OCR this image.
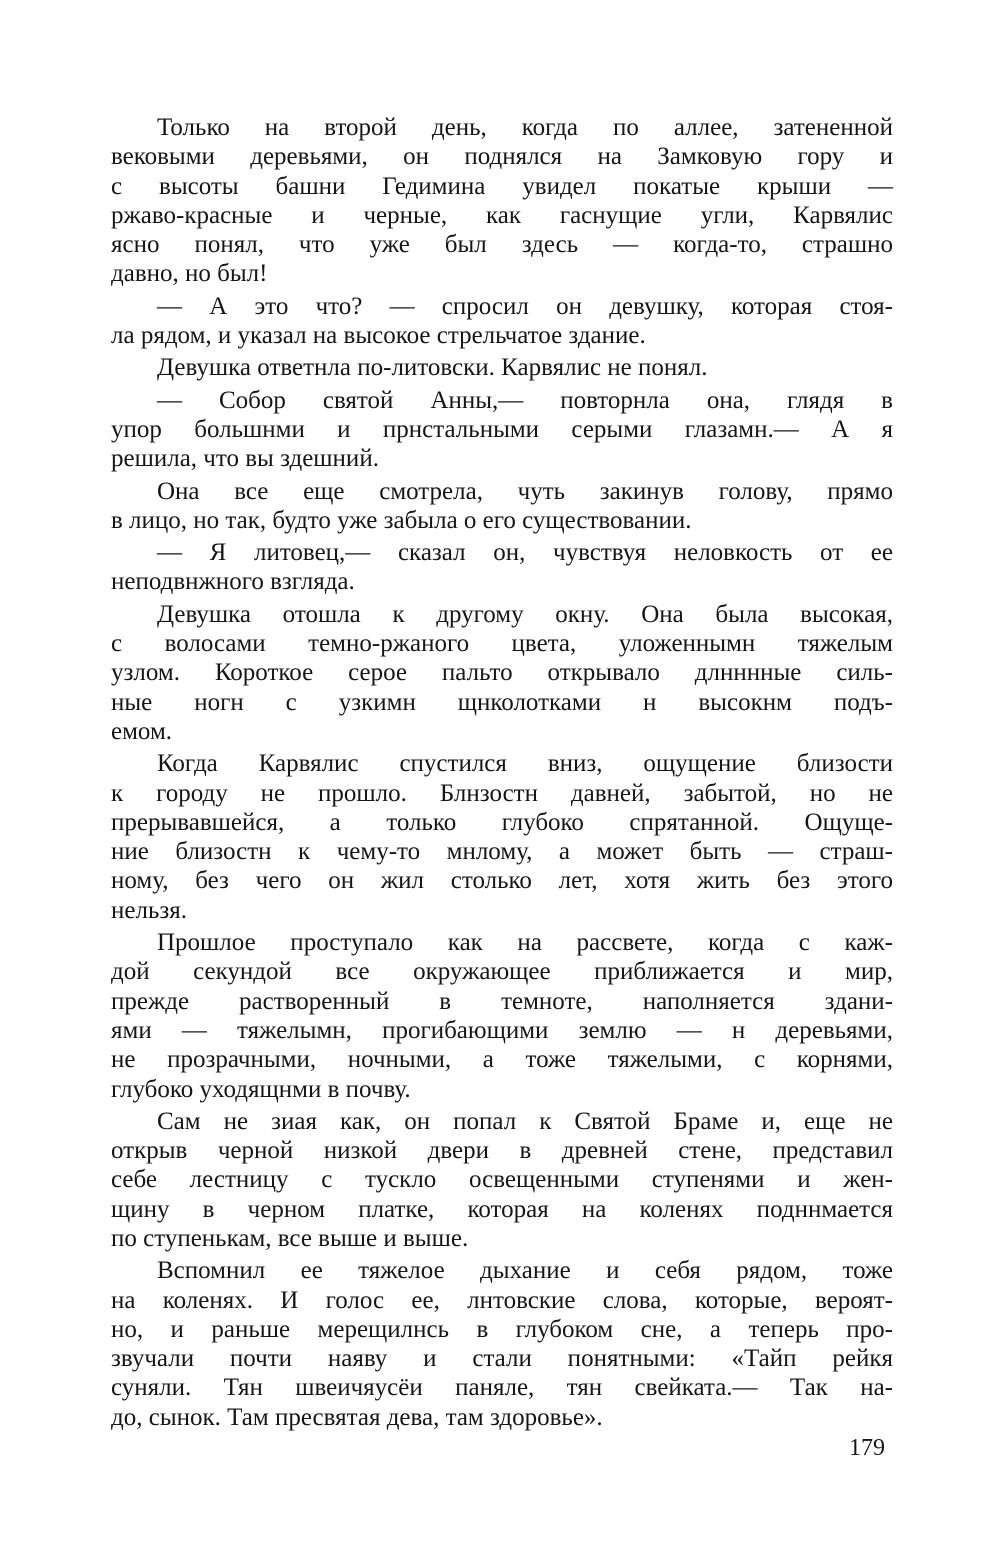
Только на второй день, когда по аллее, затененной
вековыми деревьями, он поднялся на Замковую гору и
с высоты башни Гедимина увидел покатые крыши —
ржаво-красные и черные, как гаснущие угли, Карвялис
ясно понял, что уже был здесь — когда-то, страшно
давно, но был!
— А это что? — спросил он девушку, которая стоя-
ла рядом, и указал на высокое стрельчатое здание.
Девушка ответнла по-литовски. Карвялис не понял.
— Собор святой Анны,— повторнла она, глядя в
упор большнми и прнстальными серыми глазамн.— А я
решила, что вы здешний.
Она все еще смотрела, чуть закинув голову, прямо
в лицо, но так, будто уже забыла о его существовании.
— Я литовец,— сказал он, чувствуя неловкость от ее
неподвнжного взгляда.
Девушка отошла к другому окну. Она была высокая,
с волосами темно-ржаного цвета, уложеннымн тяжелым
узлом. Короткое серое пальто открывало длнннные силь-
ные ногн с узкимн щнколотками н высокнм подъ-
емом.
Когда Карвялис спустился вниз, ощущение близости
к городу не прошло. Блнзостн давней, забытой, но не
прерывавшейся, а только глубоко спрятанной. Ощуще-
ние близостн к чему-то мнлому, а может быть — страш-
ному, без чего он жил столько лет, хотя жить без этого
нельзя.
Прошлое проступало как на рассвете, когда с каж-
дой секундой все окружающее приближается и мир,
прежде растворенный в темноте, наполняется здани-
ями — тяжелымн, прогибающими землю — н деревьями,
не прозрачными, ночными, а тоже тяжелыми, с корнями,
глубоко уходящнми в почву.
Сам не зиая как, он попал к Святой Браме и, еще не
открыв черной низкой двери в древней стене, представил
себе лестницу с тускло освещенными ступенями и жен-
щину в черном платке, которая на коленях подннмается
по ступенькам, все выше и выше.
Вспомнил ее тяжелое дыхание и себя рядом, тоже
на коленях. И голос ее, лнтовские слова, которые, вероят-
но, и раньше мерещилнсь в глубоком сне, а теперь про-
звучали почти наяву и стали понятными: «Тайп рейкя
суняли. Тян швеичяусёи паняле, тян свейката.— Так на-
до, сынок. Там пресвятая дева, там здоровье».
179
